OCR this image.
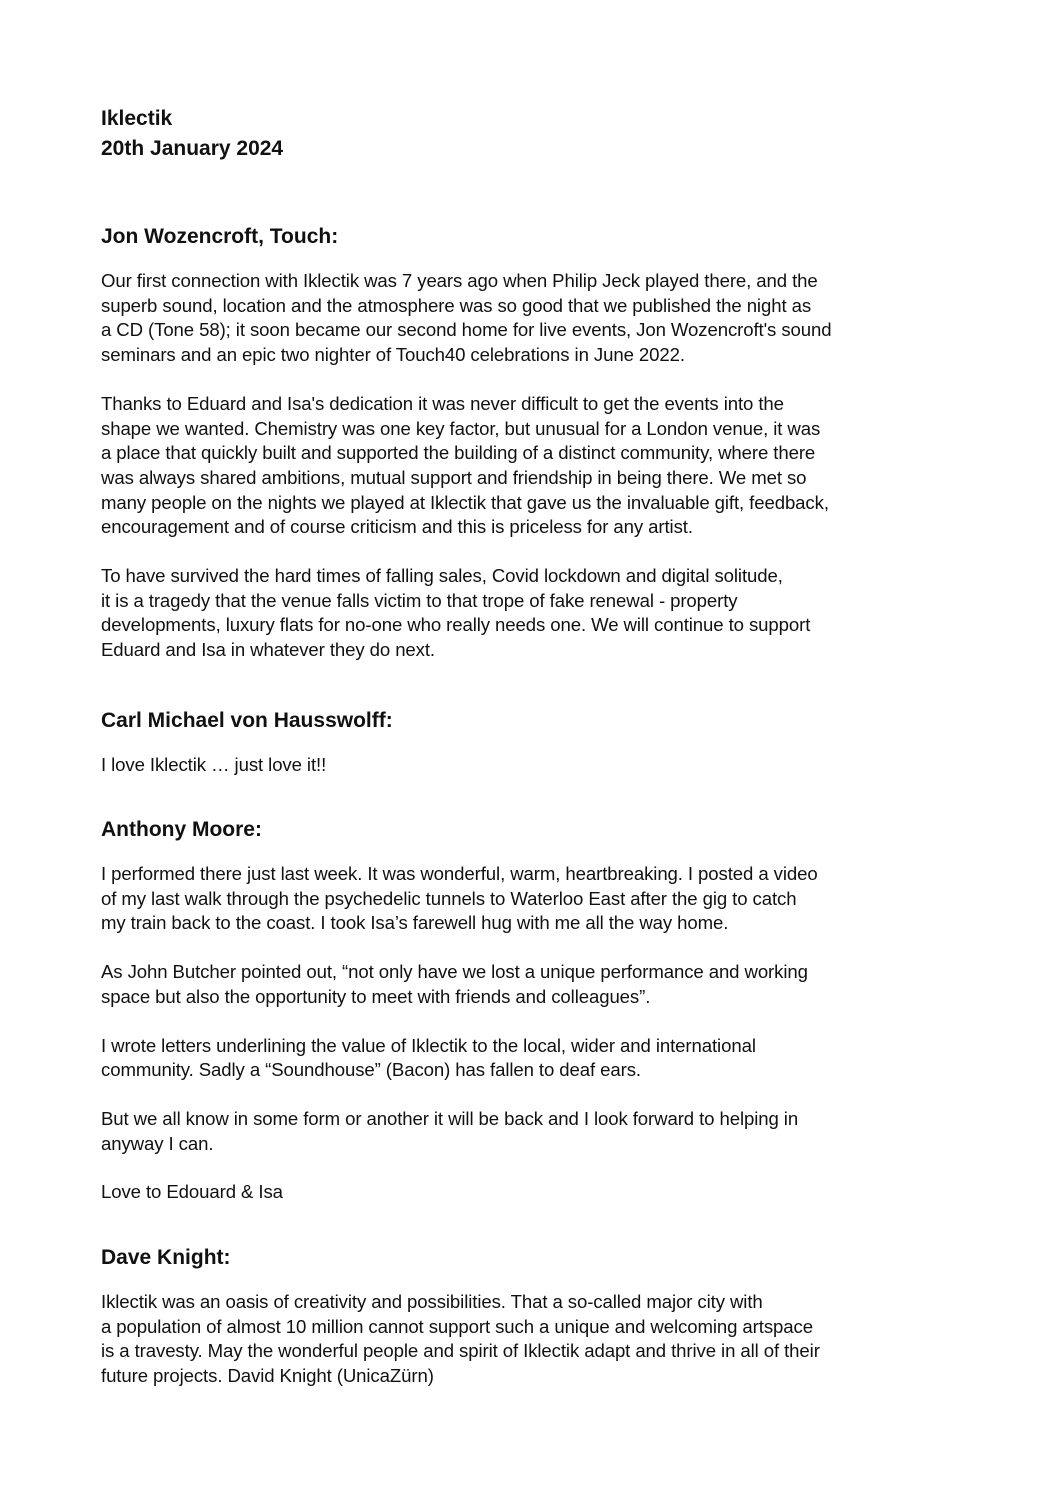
Iklectik
20th January 2024
Jon Wozencroft, Touch:
Our first connection with Iklectik was 7 years ago when Philip Jeck played there, and the
superb sound, location and the atmosphere was so good that we published the night as
a CD (Tone 58); it soon became our second home for live events, Jon Wozencroft's sound
seminars and an epic two nighter of Touch40 celebrations in June 2022.
Thanks to Eduard and Isa's dedication it was never difficult to get the events into the
shape we wanted. Chemistry was one key factor, but unusual for a London venue, it was
a place that quickly built and supported the building of a distinct community, where there
was always shared ambitions, mutual support and friendship in being there. We met so
many people on the nights we played at Iklectik that gave us the invaluable gift, feedback,
encouragement and of course criticism and this is priceless for any artist.
To have survived the hard times of falling sales, Covid lockdown and digital solitude,
it is a tragedy that the venue falls victim to that trope of fake renewal - property
developments, luxury flats for no-one who really needs one. We will continue to support
Eduard and Isa in whatever they do next.
Carl Michael von Hausswolff:
I love Iklectik … just love it!!
Anthony Moore:
I performed there just last week. It was wonderful, warm, heartbreaking. I posted a video
of my last walk through the psychedelic tunnels to Waterloo East after the gig to catch
my train back to the coast. I took Isa’s farewell hug with me all the way home.
As John Butcher pointed out, “not only have we lost a unique performance and working
space but also the opportunity to meet with friends and colleagues”.
I wrote letters underlining the value of Iklectik to the local, wider and international
community. Sadly a “Soundhouse” (Bacon) has fallen to deaf ears.
But we all know in some form or another it will be back and I look forward to helping in
anyway I can.
Love to Edouard & Isa
Dave Knight:
Iklectik was an oasis of creativity and possibilities. That a so-called major city with
a population of almost 10 million cannot support such a unique and welcoming artspace
is a travesty. May the wonderful people and spirit of Iklectik adapt and thrive in all of their
future projects. David Knight (UnicaZürn)
